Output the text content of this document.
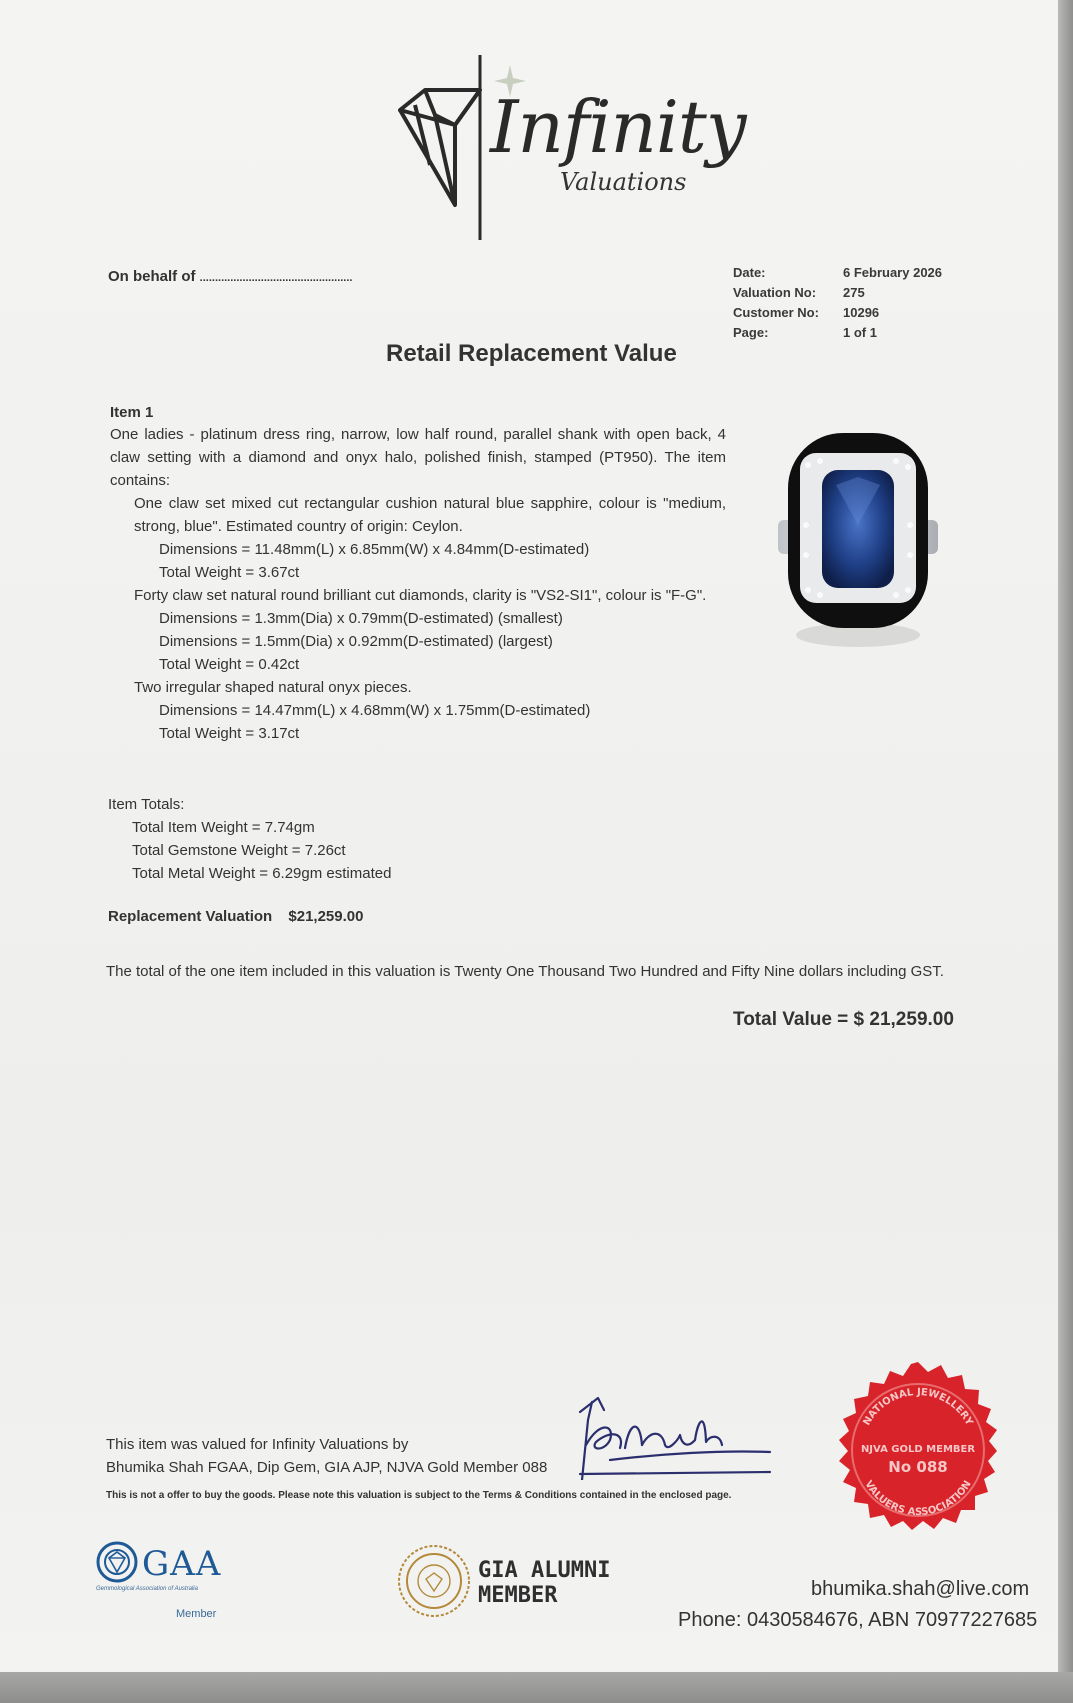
Infinity
Valuations
On behalf of ..................................................	Date:	6 February 2026
Valuation No:	275
Customer No:	10296
Page:	1 of 1
Retail Replacement Value
Item 1
One ladies - platinum dress ring, narrow, low half round, parallel shank with open back, 4 claw setting with a diamond and onyx halo, polished finish, stamped (PT950). The item contains:
One claw set mixed cut rectangular cushion natural blue sapphire, colour is "medium, strong, blue". Estimated country of origin: Ceylon.
Dimensions = 11.48mm(L) x 6.85mm(W) x 4.84mm(D-estimated)
Total Weight = 3.67ct
Forty claw set natural round brilliant cut diamonds, clarity is "VS2-SI1", colour is "F-G".
Dimensions = 1.3mm(Dia) x 0.79mm(D-estimated) (smallest)
Dimensions = 1.5mm(Dia) x 0.92mm(D-estimated) (largest)
Total Weight = 0.42ct
Two irregular shaped natural onyx pieces.
Dimensions = 14.47mm(L) x 4.68mm(W) x 1.75mm(D-estimated)
Total Weight = 3.17ct
Item Totals:
Total Item Weight = 7.74gm
Total Gemstone Weight = 7.26ct
Total Metal Weight = 6.29gm estimated
Replacement Valuation $21,259.00
The total of the one item included in this valuation is Twenty One Thousand Two Hundred and Fifty Nine dollars including GST.
Total Value = $ 21,259.00
This item was valued for Infinity Valuations by
Bhumika Shah FGAA, Dip Gem, GIA AJP, NJVA Gold Member 088
This is not a offer to buy the goods. Please note this valuation is subject to the Terms & Conditions contained in the enclosed page.
NATIONAL JEWELLERY
NJVA GOLD MEMBER
No 088
VALUERS ASSOCIATION
GAA
Gemmological Association of Australia
Member
GIA ALUMNI
MEMBER	bhumika.shah@live.com
Phone: 0430584676, ABN 70977227685
